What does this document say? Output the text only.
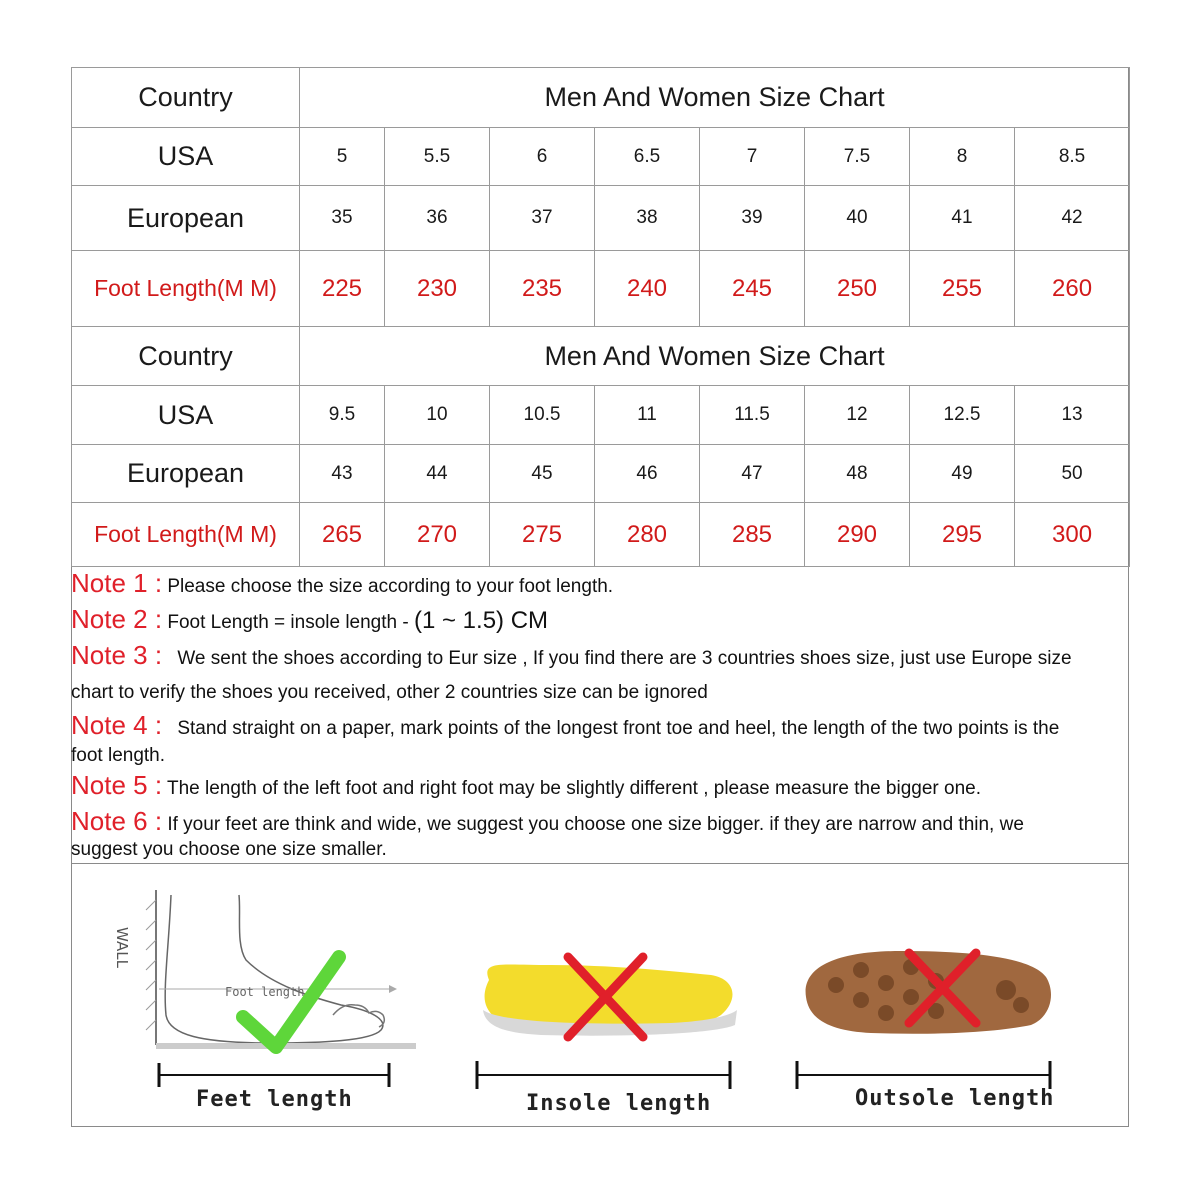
Country	Men And Women Size Chart							
USA	5	5.5	6	6.5	7	7.5	8	8.5
European	35	36	37	38	39	40	41	42
Foot Length(M M)	225	230	235	240	245	250	255	260
Country	Men And Women Size Chart							
USA	9.5	10	10.5	11	11.5	12	12.5	13
European	43	44	45	46	47	48	49	50
Foot Length(M M)	265	270	275	280	285	290	295	300
Note 1 : Please choose the size according to your foot length.
Note 2 : Foot Length = insole length - (1 ~ 1.5) CM
Note 3 : We sent the shoes according to Eur size , If you find there are 3 countries shoes size, just use Europe size
chart to verify the shoes you received, other 2 countries size can be ignored
Note 4 : Stand straight on a paper, mark points of the longest front toe and heel, the length of the two points is the
foot length.
Note 5 : The length of the left foot and right foot may be slightly different , please measure the bigger one.
Note 6 : If your feet are think and wide, we suggest you choose one size bigger. if they are narrow and thin, we
suggest you choose one size smaller.
WALL
Foot length
Feet length	Insole length	Outsole length
